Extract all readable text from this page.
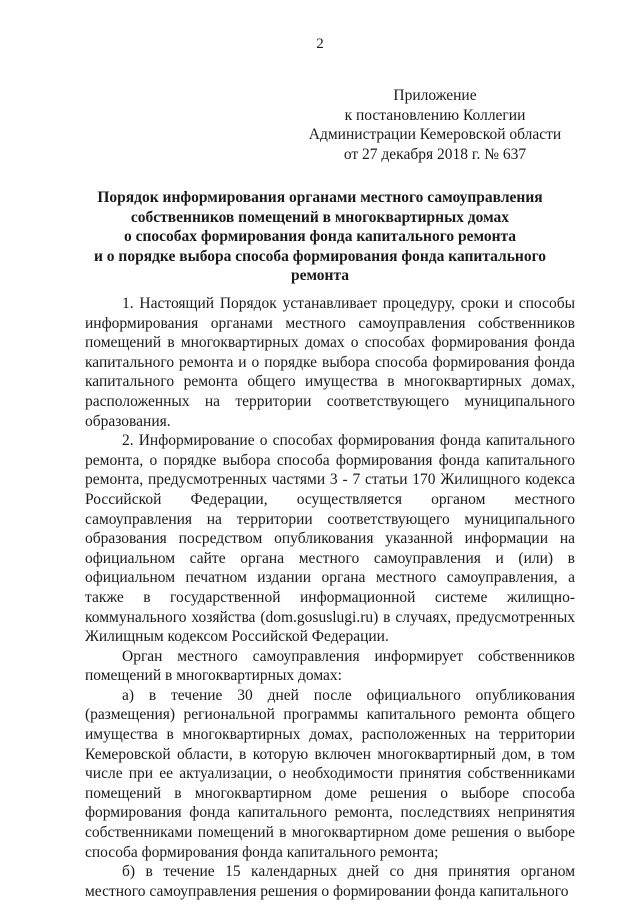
2
Приложение
к постановлению Коллегии
Администрации Кемеровской области
от 27 декабря 2018 г. № 637
Порядок информирования органами местного самоуправления
собственников помещений в многоквартирных домах
о способах формирования фонда капитального ремонта
и о порядке выбора способа формирования фонда капитального
ремонта

1. Настоящий Порядок устанавливает процедуру, сроки и способы информирования органами местного самоуправления собственников помещений в многоквартирных домах о способах формирования фонда капитального ремонта и о порядке выбора способа формирования фонда капитального ремонта общего имущества в многоквартирных домах, расположенных на территории соответствующего муниципального образования.

2. Информирование о способах формирования фонда капитального ремонта, о порядке выбора способа формирования фонда капитального ремонта, предусмотренных частями 3 - 7 статьи 170 Жилищного кодекса Российской Федерации, осуществляется органом местного самоуправления на территории соответствующего муниципального образования посредством опубликования указанной информации на официальном сайте органа местного самоуправления и (или) в официальном печатном издании органа местного самоуправления, а также в государственной информационной системе жилищно-коммунального хозяйства (dom.gosuslugi.ru) в случаях, предусмотренных Жилищным кодексом Российской Федерации.

Орган местного самоуправления информирует собственников помещений в многоквартирных домах:

а) в течение 30 дней после официального опубликования (размещения) региональной программы капитального ремонта общего имущества в многоквартирных домах, расположенных на территории Кемеровской области, в которую включен многоквартирный дом, в том числе при ее актуализации, о необходимости принятия собственниками помещений в многоквартирном доме решения о выборе способа формирования фонда капитального ремонта, последствиях непринятия собственниками помещений в многоквартирном доме решения о выборе способа формирования фонда капитального ремонта;

б) в течение 15 календарных дней со дня принятия органом местного самоуправления решения о формировании фонда капитального
